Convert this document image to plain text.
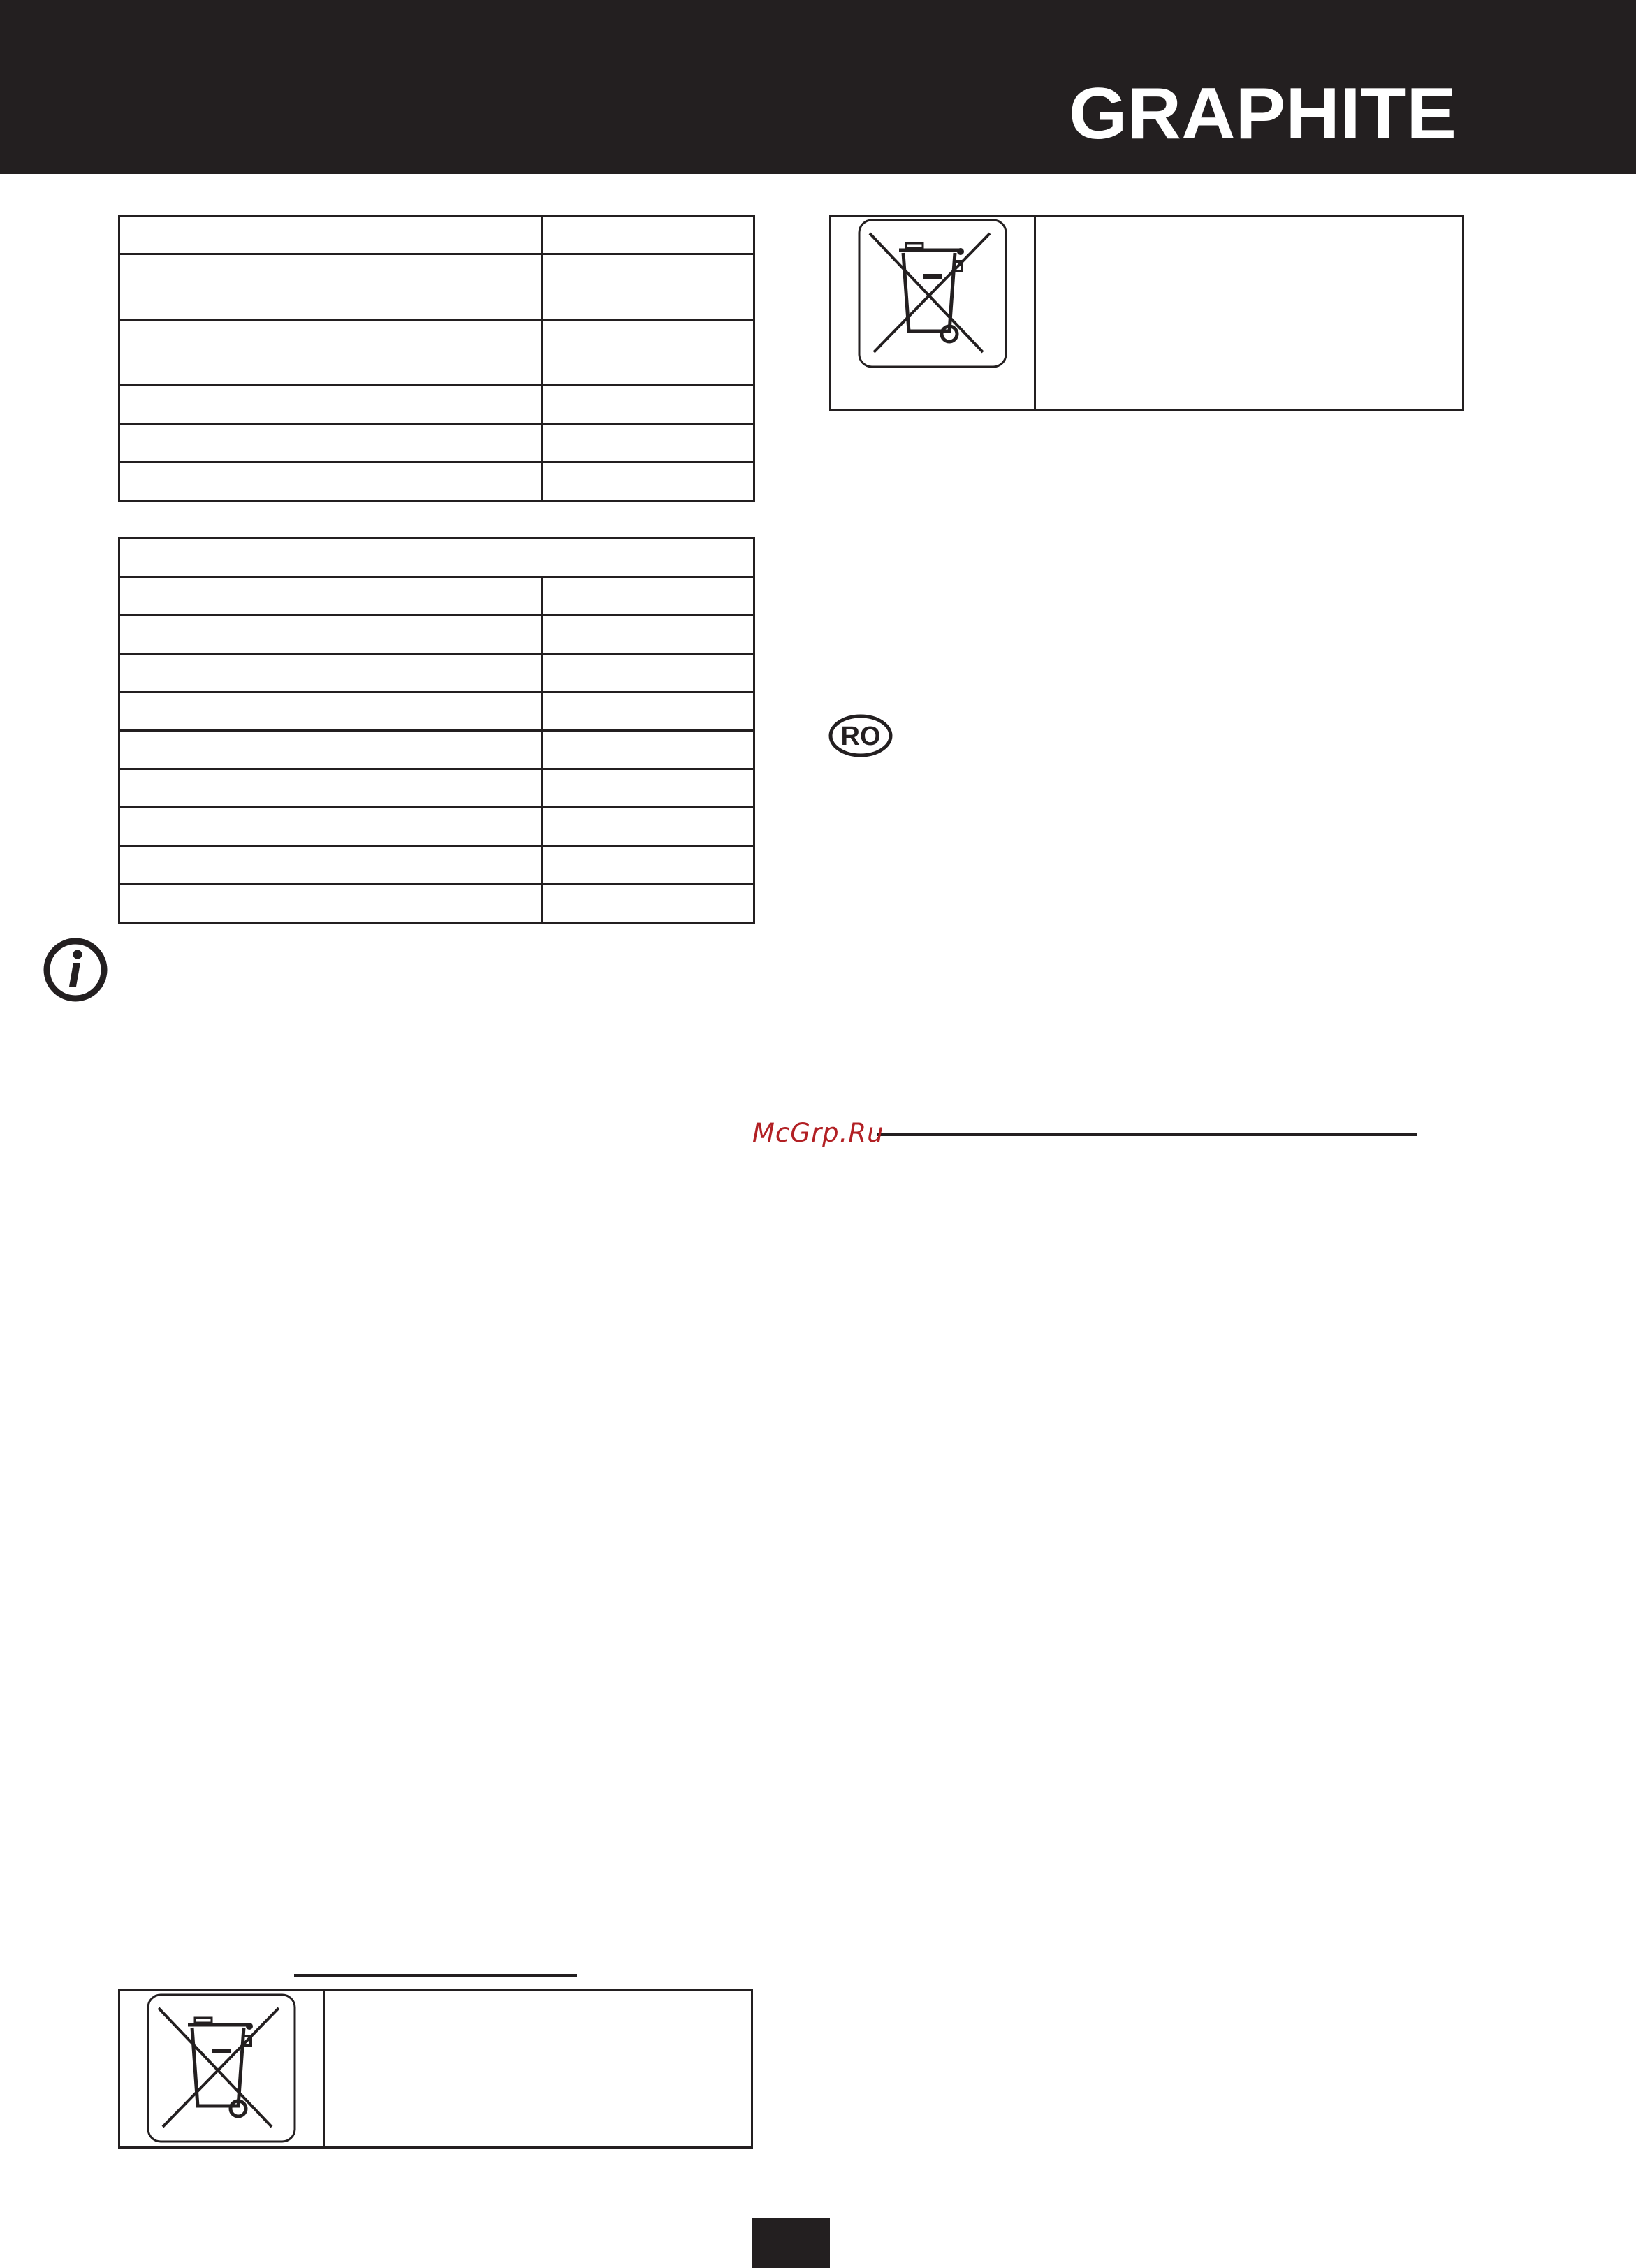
GRAPHITE

RO
McGrp.Ru
